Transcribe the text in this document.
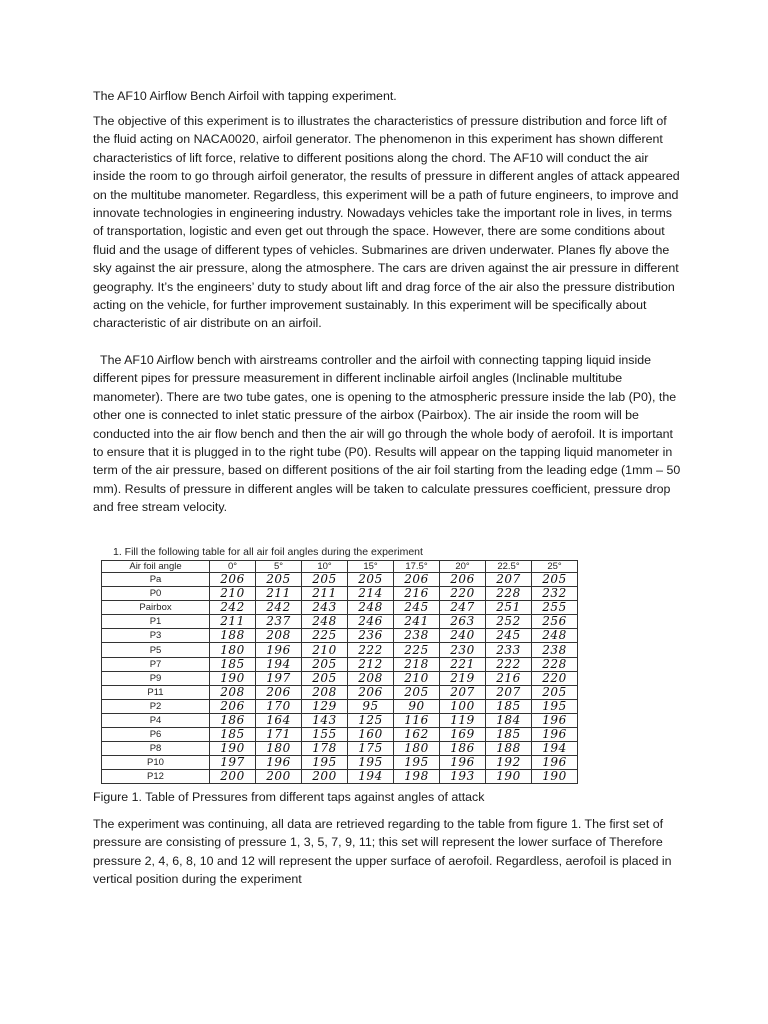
The AF10 Airflow Bench Airfoil with tapping experiment.
The objective of this experiment is to illustrates the characteristics of pressure distribution and force lift of the fluid acting on NACA0020, airfoil generator. The phenomenon in this experiment has shown different characteristics of lift force, relative to different positions along the chord. The AF10 will conduct the air inside the room to go through airfoil generator, the results of pressure in different angles of attack appeared on the multitube manometer. Regardless, this experiment will be a path of future engineers, to improve and innovate technologies in engineering industry. Nowadays vehicles take the important role in lives, in terms of transportation, logistic and even get out through the space. However, there are some conditions about fluid and the usage of different types of vehicles. Submarines are driven underwater. Planes fly above the sky against the air pressure, along the atmosphere. The cars are driven against the air pressure in different geography. It’s the engineers’ duty to study about lift and drag force of the air also the pressure distribution acting on the vehicle, for further improvement sustainably. In this experiment will be specifically about characteristic of air distribute on an airfoil.
The AF10 Airflow bench with airstreams controller and the airfoil with connecting tapping liquid inside different pipes for pressure measurement in different inclinable airfoil angles (Inclinable multitube manometer). There are two tube gates, one is opening to the atmospheric pressure inside the lab (P0), the other one is connected to inlet static pressure of the airbox (Pairbox). The air inside the room will be conducted into the air flow bench and then the air will go through the whole body of aerofoil. It is important to ensure that it is plugged in to the right tube (P0). Results will appear on the tapping liquid manometer in term of the air pressure, based on different positions of the air foil starting from the leading edge (1mm – 50 mm). Results of pressure in different angles will be taken to calculate pressures coefficient, pressure drop and free stream velocity.
1. Fill the following table for all air foil angles during the experiment
Air foil angle	0°	5°	10°	15°	17.5°	20°	22.5°	25°
Pa	206	205	205	205	206	206	207	205
P0	210	211	211	214	216	220	228	232
Pairbox	242	242	243	248	245	247	251	255
P1	211	237	248	246	241	263	252	256
P3	188	208	225	236	238	240	245	248
P5	180	196	210	222	225	230	233	238
P7	185	194	205	212	218	221	222	228
P9	190	197	205	208	210	219	216	220
P11	208	206	208	206	205	207	207	205
P2	206	170	129	95	90	100	185	195
P4	186	164	143	125	116	119	184	196
P6	185	171	155	160	162	169	185	196
P8	190	180	178	175	180	186	188	194
P10	197	196	195	195	195	196	192	196
P12	200	200	200	194	198	193	190	190
Figure 1. Table of Pressures from different taps against angles of attack
The experiment was continuing, all data are retrieved regarding to the table from figure 1. The first set of pressure are consisting of pressure 1, 3, 5, 7, 9, 11; this set will represent the lower surface of Therefore pressure 2, 4, 6, 8, 10 and 12 will represent the upper surface of aerofoil. Regardless, aerofoil is placed in vertical position during the experiment
